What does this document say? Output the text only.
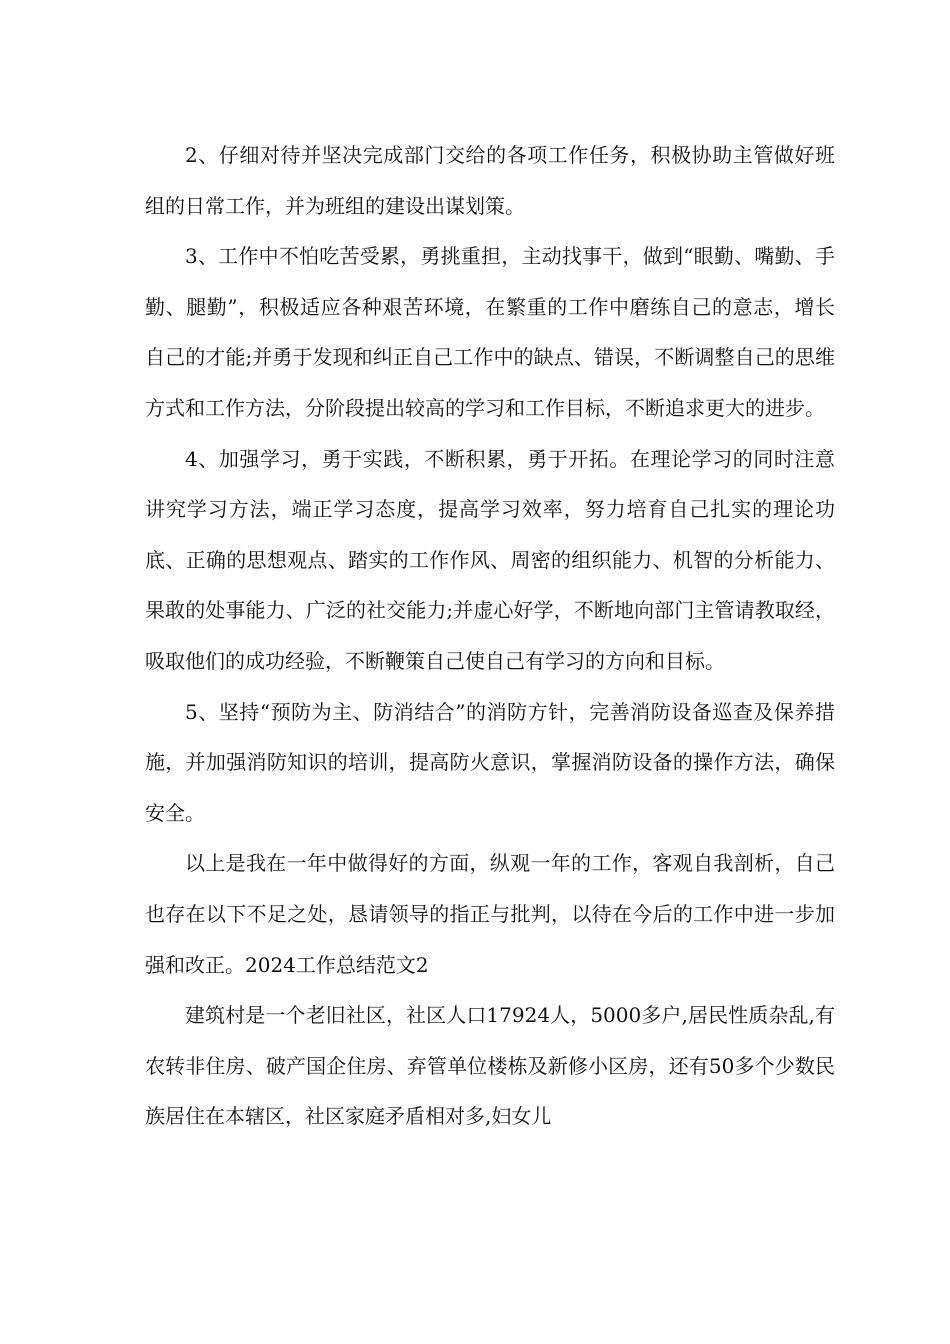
2、仔细对待并坚决完成部门交给的各项工作任务，积极协助主管做好班组的日常工作，并为班组的建设出谋划策。

3、工作中不怕吃苦受累，勇挑重担，主动找事干，做到“眼勤、嘴勤、手勤、腿勤”，积极适应各种艰苦环境，在繁重的工作中磨练自己的意志，增长自己的才能;并勇于发现和纠正自己工作中的缺点、错误，不断调整自己的思维方式和工作方法，分阶段提出较高的学习和工作目标，不断追求更大的进步。

4、加强学习，勇于实践，不断积累，勇于开拓。在理论学习的同时注意讲究学习方法，端正学习态度，提高学习效率，努力培育自己扎实的理论功底、正确的思想观点、踏实的工作作风、周密的组织能力、机智的分析能力、果敢的处事能力、广泛的社交能力;并虚心好学，不断地向部门主管请教取经，吸取他们的成功经验，不断鞭策自己使自己有学习的方向和目标。

5、坚持“预防为主、防消结合”的消防方针，完善消防设备巡查及保养措施，并加强消防知识的培训，提高防火意识，掌握消防设备的操作方法，确保安全。

以上是我在一年中做得好的方面，纵观一年的工作，客观自我剖析，自己也存在以下不足之处，恳请领导的指正与批判，以待在今后的工作中进一步加强和改正。2024工作总结范文2

建筑村是一个老旧社区，社区人口17924人，5000多户,居民性质杂乱,有农转非住房、破产国企住房、弃管单位楼栋及新修小区房，还有50多个少数民族居住在本辖区，社区家庭矛盾相对多,妇女儿
